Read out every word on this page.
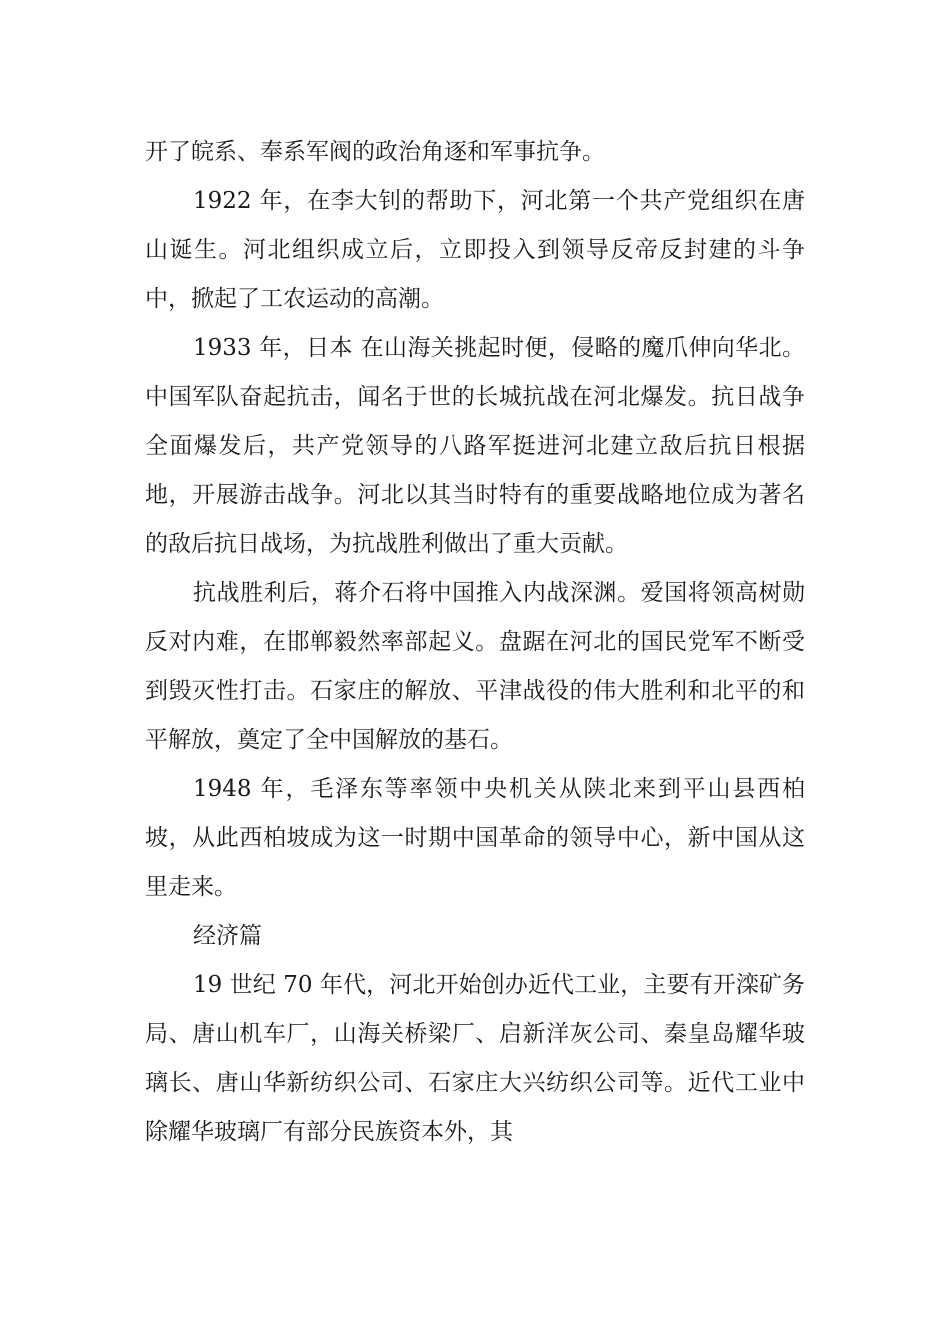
开了皖系、奉系军阀的政治角逐和军事抗争。

1922 年，在李大钊的帮助下，河北第一个共产党组织在唐山诞生。河北组织成立后，立即投入到领导反帝反封建的斗争中，掀起了工农运动的高潮。

1933 年，日本 在山海关挑起时便，侵略的魔爪伸向华北。中国军队奋起抗击，闻名于世的长城抗战在河北爆发。抗日战争全面爆发后，共产党领导的八路军挺进河北建立敌后抗日根据地，开展游击战争。河北以其当时特有的重要战略地位成为著名的敌后抗日战场，为抗战胜利做出了重大贡献。

抗战胜利后，蒋介石将中国推入内战深渊。爱国将领高树勋反对内难，在邯郸毅然率部起义。盘踞在河北的国民党军不断受到毁灭性打击。石家庄的解放、平津战役的伟大胜利和北平的和平解放，奠定了全中国解放的基石。

1948 年，毛泽东等率领中央机关从陕北来到平山县西柏坡，从此西柏坡成为这一时期中国革命的领导中心，新中国从这里走来。

经济篇

19 世纪 70 年代，河北开始创办近代工业，主要有开滦矿务局、唐山机车厂，山海关桥梁厂、启新洋灰公司、秦皇岛耀华玻璃长、唐山华新纺织公司、石家庄大兴纺织公司等。近代工业中除耀华玻璃厂有部分民族资本外，其
